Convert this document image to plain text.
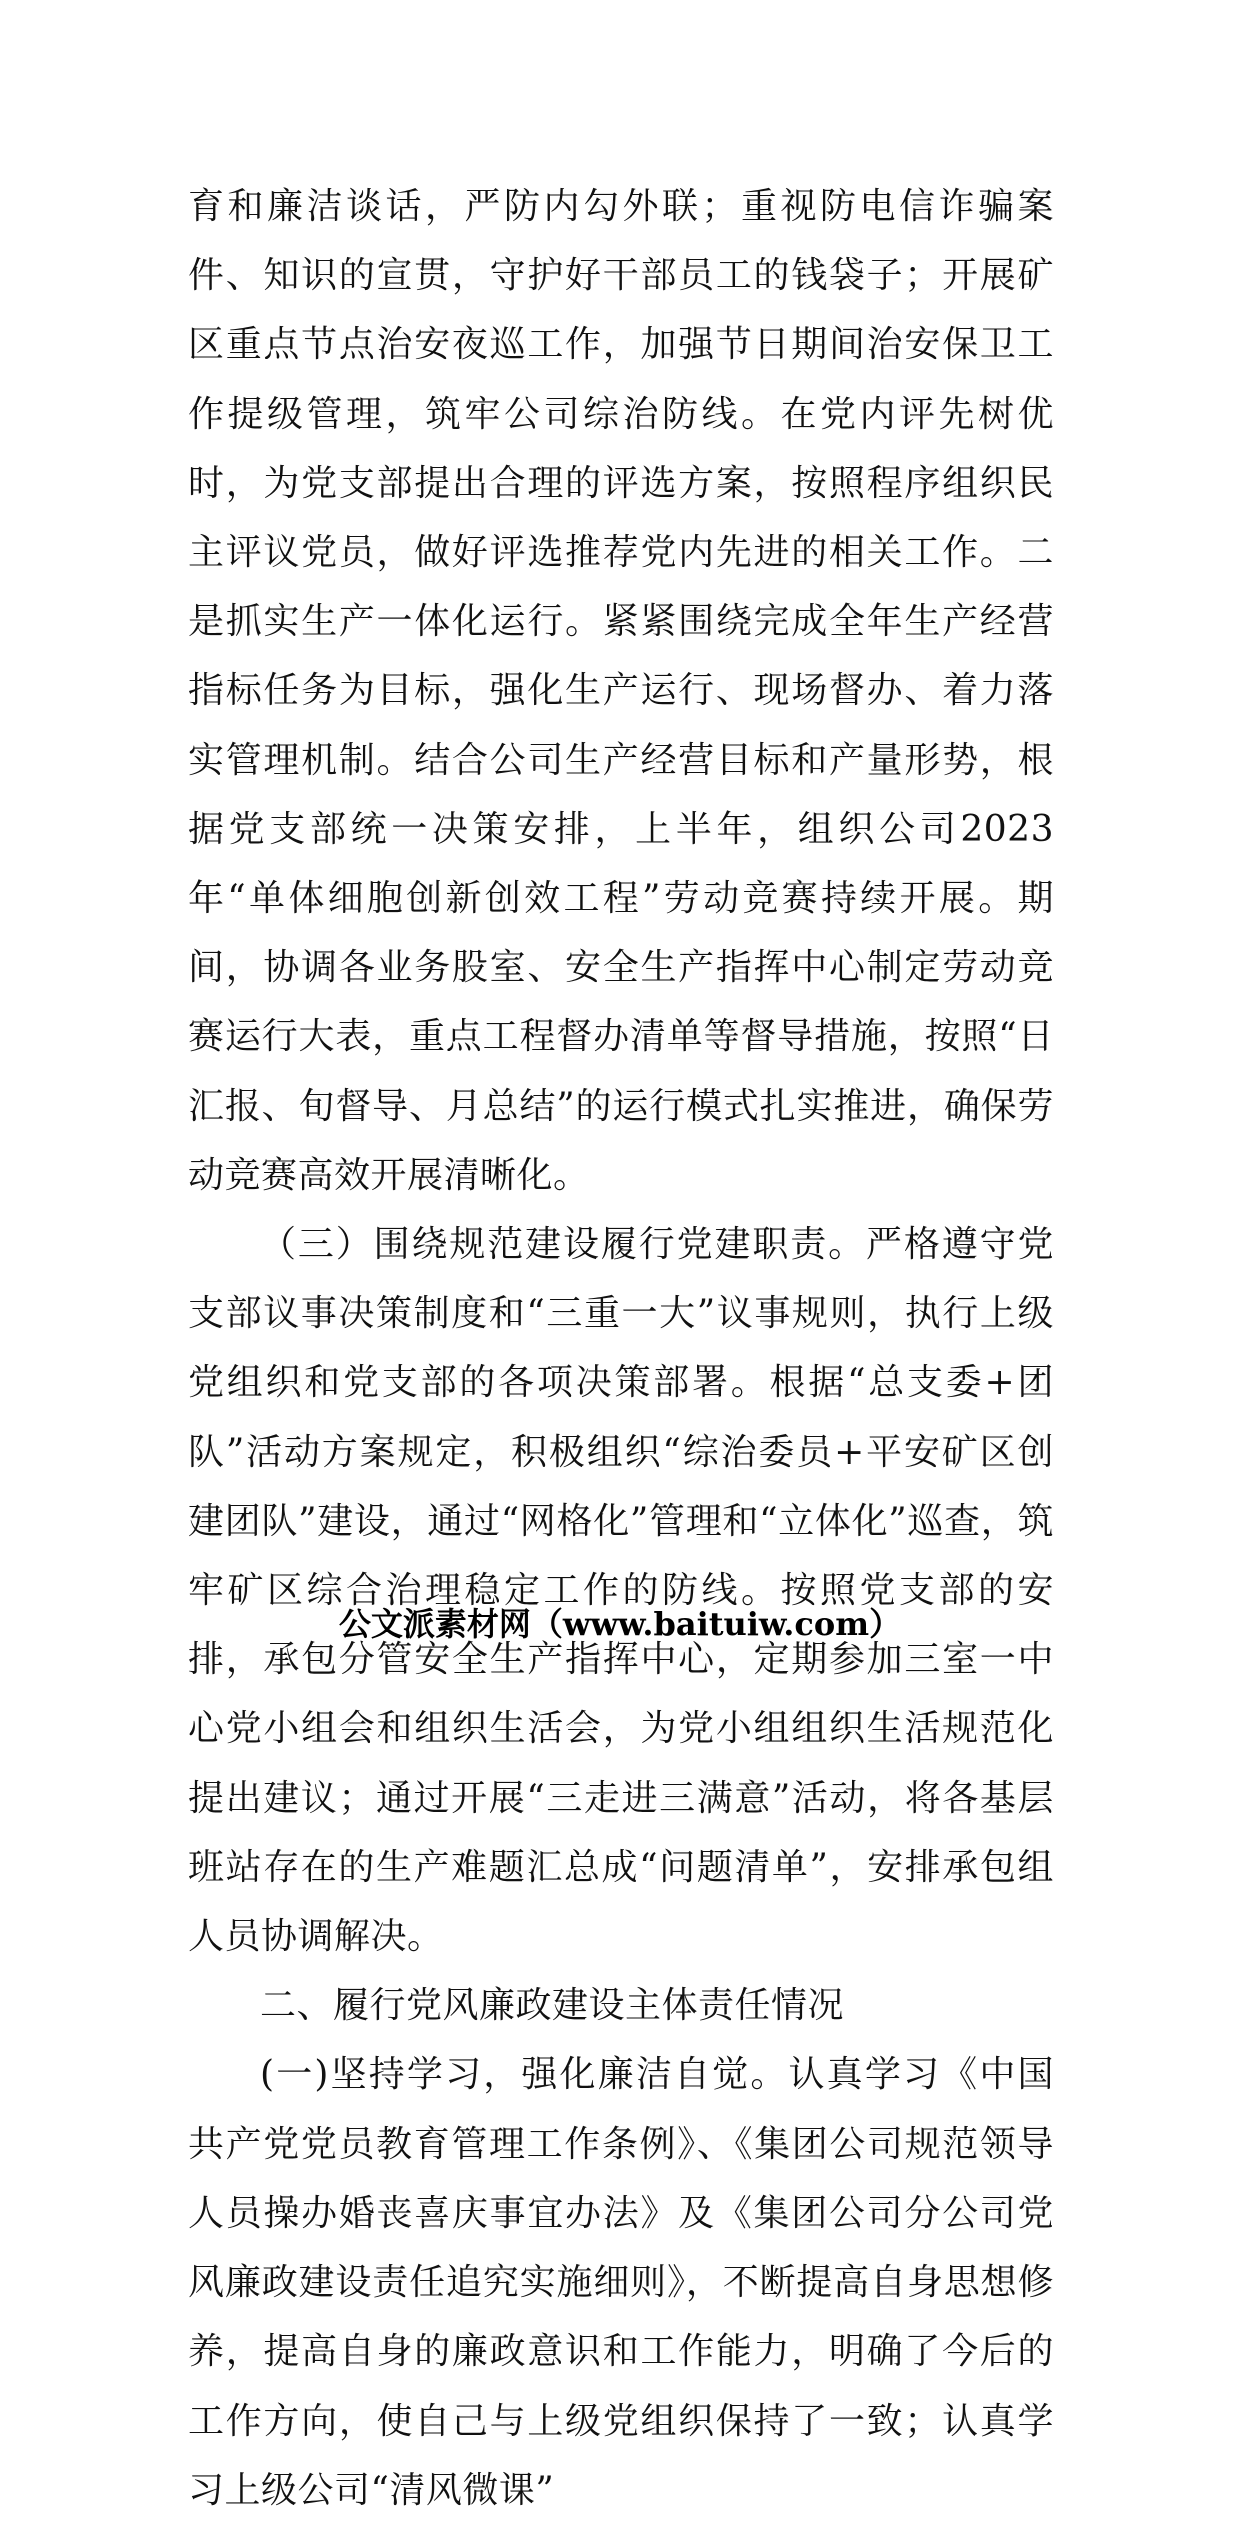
育和廉洁谈话，严防内勾外联；重视防电信诈骗案件、知识的宣贯，守护好干部员工的钱袋子；开展矿区重点节点治安夜巡工作，加强节日期间治安保卫工作提级管理，筑牢公司综治防线。在党内评先树优时，为党支部提出合理的评选方案，按照程序组织民主评议党员，做好评选推荐党内先进的相关工作。二是抓实生产一体化运行。紧紧围绕完成全年生产经营指标任务为目标，强化生产运行、现场督办、着力落实管理机制。结合公司生产经营目标和产量形势，根据党支部统一决策安排，上半年，组织公司2023年“单体细胞创新创效工程”劳动竞赛持续开展。期间，协调各业务股室、安全生产指挥中心制定劳动竞赛运行大表，重点工程督办清单等督导措施，按照“日汇报、旬督导、月总结”的运行模式扎实推进，确保劳动竞赛高效开展清晰化。

（三）围绕规范建设履行党建职责。严格遵守党支部议事决策制度和“三重一大”议事规则，执行上级党组织和党支部的各项决策部署。根据“总支委+团队”活动方案规定，积极组织“综治委员+平安矿区创建团队”建设，通过“网格化”管理和“立体化”巡查，筑牢矿区综合治理稳定工作的防线。按照党支部的安排，承包分管安全生产指挥中心，定期参加三室一中心党小组会和组织生活会，为党小组组织生活规范化提出建议；通过开展“三走进三满意”活动，将各基层班站存在的生产难题汇总成“问题清单”，安排承包组人员协调解决。

二、履行党风廉政建设主体责任情况

(一)坚持学习，强化廉洁自觉。认真学习《中国共产党党员教育管理工作条例》、《集团公司规范领导人员操办婚丧喜庆事宜办法》及《集团公司分公司党风廉政建设责任追究实施细则》，不断提高自身思想修养，提高自身的廉政意识和工作能力，明确了今后的工作方向，使自己与上级党组织保持了一致；认真学习上级公司“清风微课”

公文派素材网（www.baituiw.com）
